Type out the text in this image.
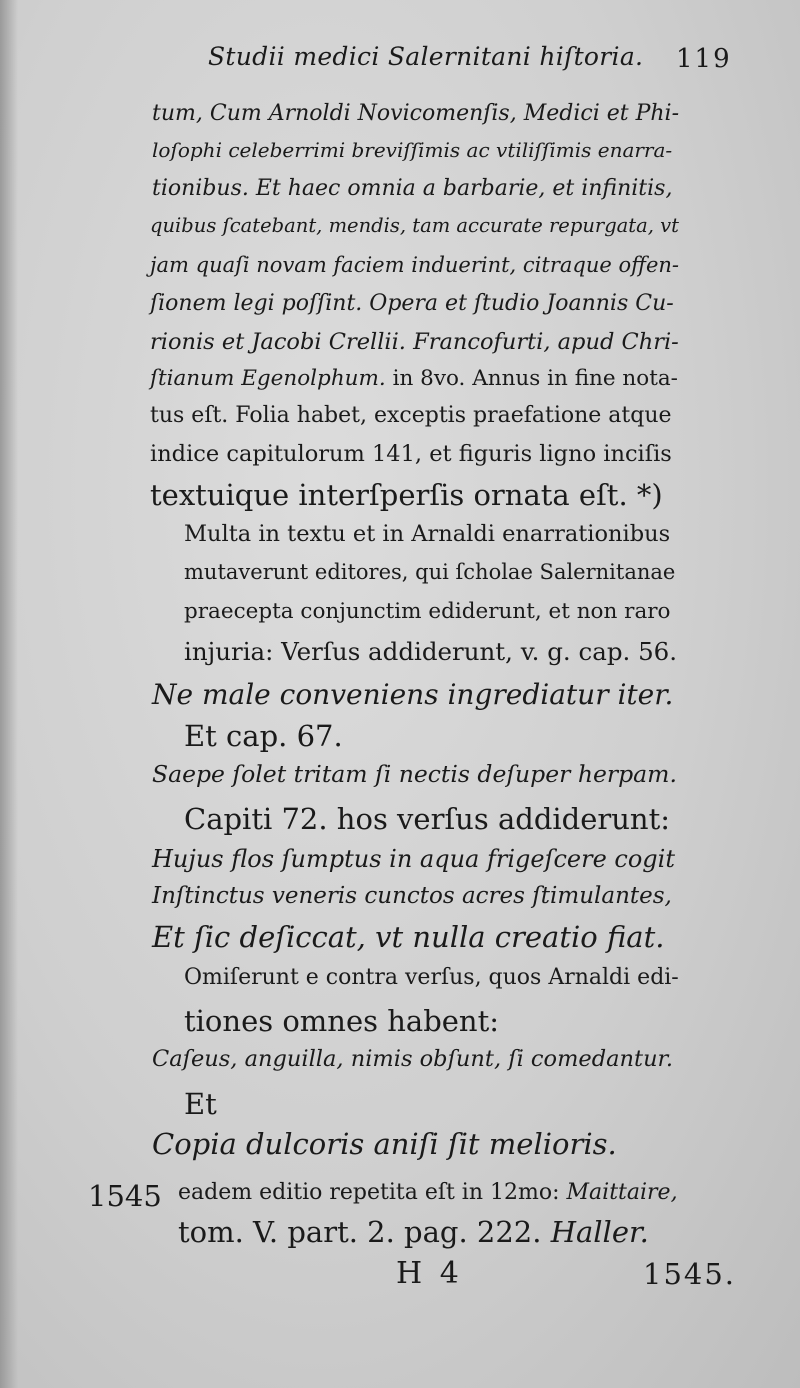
Studii medici Salernitani hiſtoria. 119
tum, Cum Arnoldi Novicomenſis, Medici et Phi-
loſophi celeberrimi breviſſimis ac vtiliſſimis enarra-
tionibus. Et haec omnia a barbarie, et infinitis,
quibus ſcatebant, mendis, tam accurate repurgata, vt
jam quaſi novam faciem induerint, citraque offen-
ſionem legi poſſint. Opera et ſtudio Joannis Cu-
rionis et Jacobi Crellii. Francofurti, apud Chri-
ſtianum Egenolphum. in 8vo. Annus in fine nota-
tus eſt. Folia habet, exceptis praefatione atque
indice capitulorum 141, et figuris ligno inciſis
textuique interſperſis ornata eſt. *)
Multa in textu et in Arnaldi enarrationibus
mutaverunt editores, qui ſcholae Salernitanae
praecepta conjunctim ediderunt, et non raro
injuria: Verſus addiderunt, v. g. cap. 56.
Ne male conveniens ingrediatur iter.
Et cap. 67.
Saepe ſolet tritam ſi nectis deſuper herpam.
Capiti 72. hos verſus addiderunt:
Hujus flos ſumptus in aqua frigeſcere cogit
Inſtinctus veneris cunctos acres ſtimulantes,
Et ſic deſiccat, vt nulla creatio fiat.
Omiſerunt e contra verſus, quos Arnaldi edi-
tiones omnes habent:
Caſeus, anguilla, nimis obſunt, ſi comedantur.
Et
Copia dulcoris aniſi ſit melioris.
1545 eadem editio repetita eſt in 12mo: Maittaire,
tom. V. part. 2. pag. 222. Haller.
H 4	1545.
